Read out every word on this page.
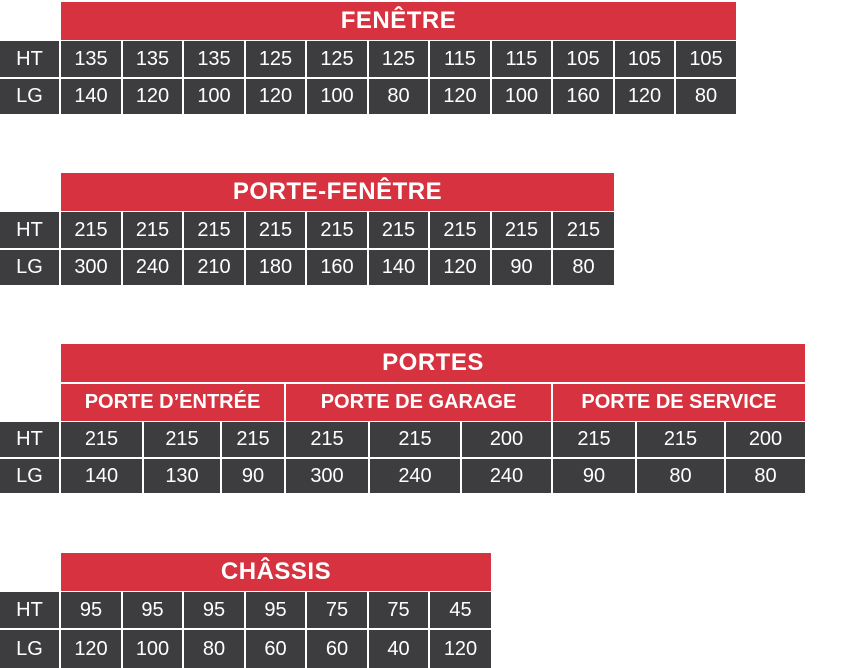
FENÊTRE
HT	135	135	135	125	125	125	115	115	105	105	105
LG	140	120	100	120	100	80	120	100	160	120	80
PORTE-FENÊTRE
HT	215	215	215	215	215	215	215	215	215
LG	300	240	210	180	160	140	120	90	80
PORTES
PORTE D’ENTRÉE	PORTE DE GARAGE	PORTE DE SERVICE
HT	215	215	215	215	215	200	215	215	200
LG	140	130	90	300	240	240	90	80	80
CHÂSSIS
HT	95	95	95	95	75	75	45
LG	120	100	80	60	60	40	120
